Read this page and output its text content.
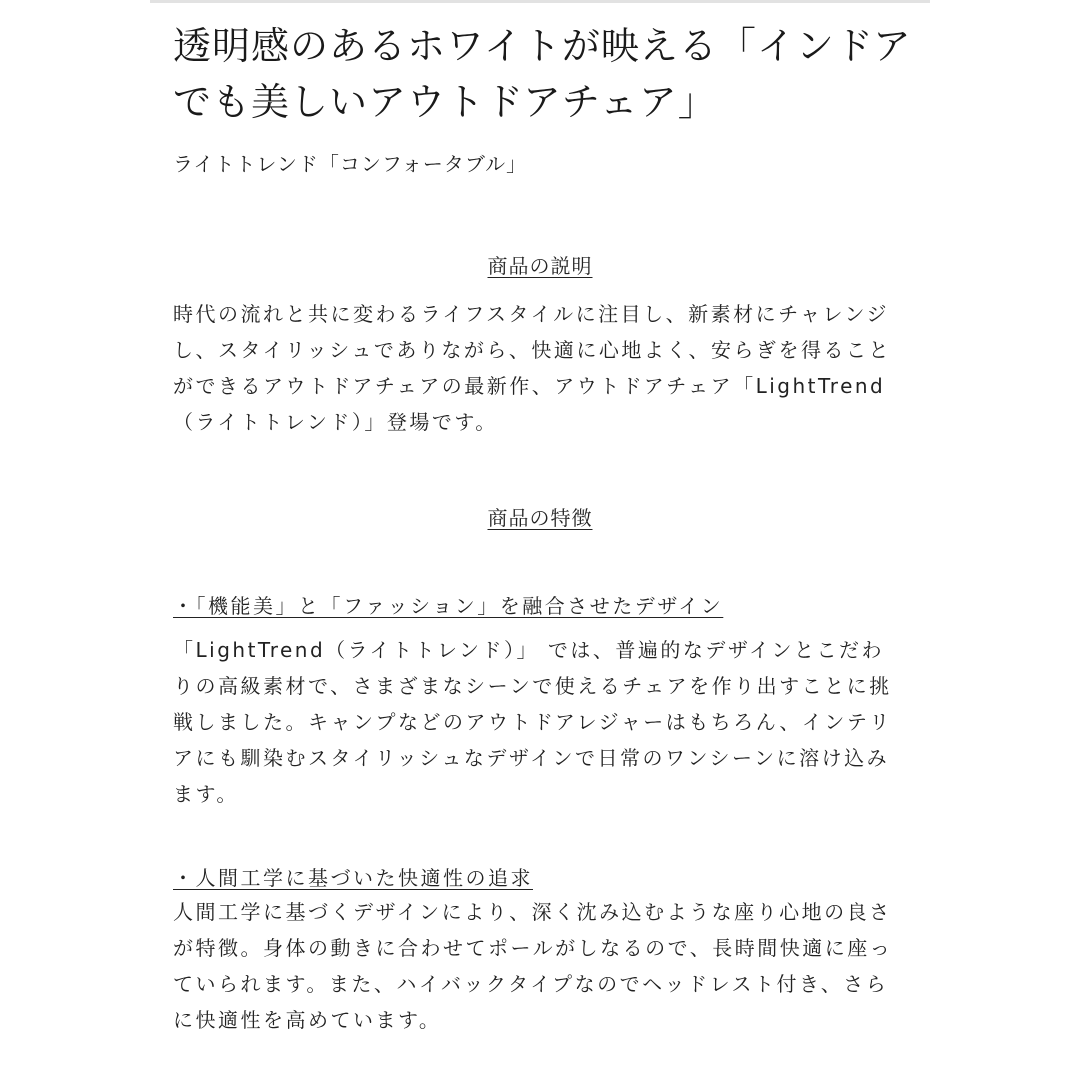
透明感のあるホワイトが映える「インドアでも美しいアウトドアチェア」
ライトトレンド「コンフォータブル」
商品の説明

時代の流れと共に変わるライフスタイルに注目し、新素材にチャレンジし、スタイリッシュでありながら、快適に心地よく、安らぎを得ることができるアウトドアチェアの最新作、アウトドアチェア「LightTrend（ライトトレンド）」登場です。

商品の特徴
・「機能美」と「ファッション」を融合させたデザイン

「LightTrend（ライトトレンド）」 では、普遍的なデザインとこだわりの高級素材で、さまざまなシーンで使えるチェアを作り出すことに挑戦しました。キャンプなどのアウトドアレジャーはもちろん、インテリアにも馴染むスタイリッシュなデザインで日常のワンシーンに溶け込みます。

・人間工学に基づいた快適性の追求

人間工学に基づくデザインにより、深く沈み込むような座り心地の良さが特徴。身体の動きに合わせてポールがしなるので、長時間快適に座っていられます。また、ハイバックタイプなのでヘッドレスト付き、さらに快適性を高めています。
